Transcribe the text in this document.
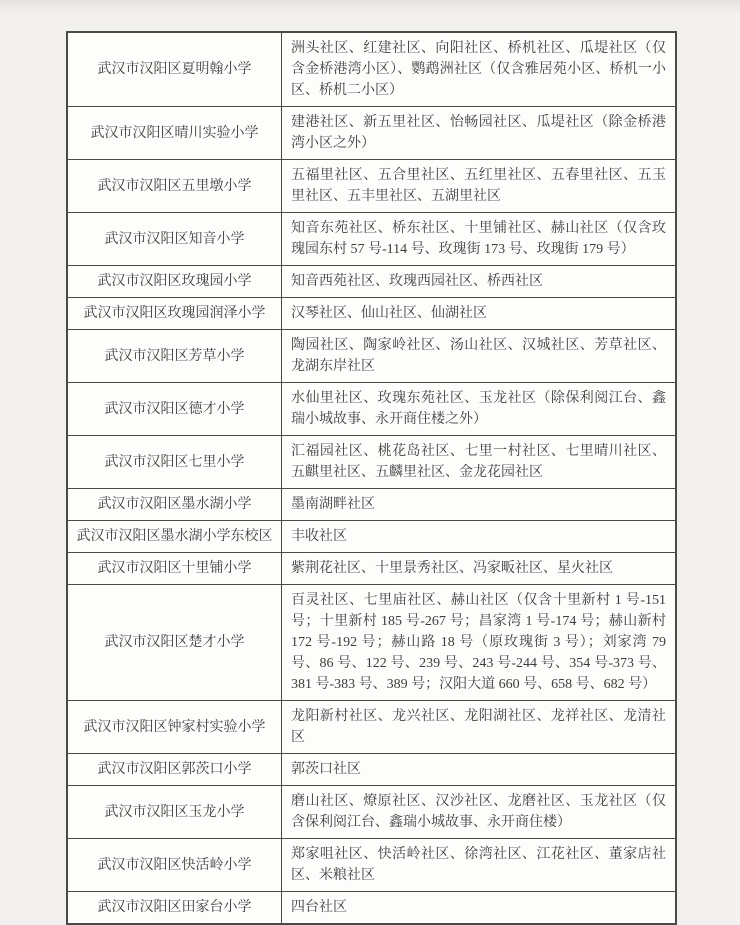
武汉市汉阳区夏明翰小学	洲头社区、红建社区、向阳社区、桥机社区、瓜堤社区（仅含金桥港湾小区）、鹦鹉洲社区（仅含雅居苑小区、桥机一小区、桥机二小区）
武汉市汉阳区晴川实验小学	建港社区、新五里社区、怡畅园社区、瓜堤社区（除金桥港湾小区之外）
武汉市汉阳区五里墩小学	五福里社区、五合里社区、五红里社区、五春里社区、五玉里社区、五丰里社区、五湖里社区
武汉市汉阳区知音小学	知音东苑社区、桥东社区、十里铺社区、赫山社区（仅含玫瑰园东村 57 号-114 号、玫瑰街 173 号、玫瑰街 179 号）
武汉市汉阳区玫瑰园小学	知音西苑社区、玫瑰西园社区、桥西社区
武汉市汉阳区玫瑰园润泽小学	汉琴社区、仙山社区、仙湖社区
武汉市汉阳区芳草小学	陶园社区、陶家岭社区、汤山社区、汉城社区、芳草社区、龙湖东岸社区
武汉市汉阳区德才小学	水仙里社区、玫瑰东苑社区、玉龙社区（除保利阅江台、鑫瑞小城故事、永开商住楼之外）
武汉市汉阳区七里小学	汇福园社区、桃花岛社区、七里一村社区、七里晴川社区、五麒里社区、五麟里社区、金龙花园社区
武汉市汉阳区墨水湖小学	墨南湖畔社区
武汉市汉阳区墨水湖小学东校区	丰收社区
武汉市汉阳区十里铺小学	紫荆花社区、十里景秀社区、冯家畈社区、星火社区
武汉市汉阳区楚才小学	百灵社区、七里庙社区、赫山社区（仅含十里新村 1 号-151 号；十里新村 185 号-267 号；昌家湾 1 号-174 号；赫山新村 172 号-192 号；赫山路 18 号（原玫瑰街 3 号）；刘家湾 79 号、86 号、122 号、239 号、243 号-244 号、354 号-373 号、381 号-383 号、389 号；汉阳大道 660 号、658 号、682 号）
武汉市汉阳区钟家村实验小学	龙阳新村社区、龙兴社区、龙阳湖社区、龙祥社区、龙清社区
武汉市汉阳区郭茨口小学	郭茨口社区
武汉市汉阳区玉龙小学	磨山社区、燎原社区、汉沙社区、龙磨社区、玉龙社区（仅含保利阅江台、鑫瑞小城故事、永开商住楼）
武汉市汉阳区快活岭小学	郑家咀社区、快活岭社区、徐湾社区、江花社区、董家店社区、米粮社区
武汉市汉阳区田家台小学	四台社区
